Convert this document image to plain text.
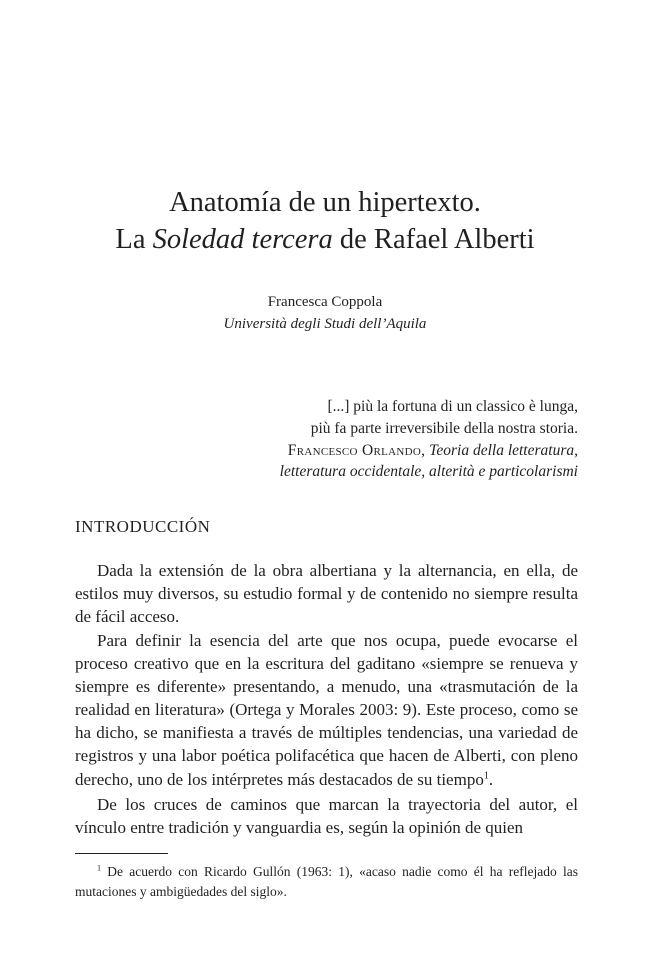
Anatomía de un hipertexto.
La Soledad tercera de Rafael Alberti
Francesca Coppola
Università degli Studi dell’Aquila
[...] più la fortuna di un classico è lunga,
più fa parte irreversibile della nostra storia.
Francesco Orlando, Teoria della letteratura,
letteratura occidentale, alterità e particolarismi
INTRODUCCIÓN

Dada la extensión de la obra albertiana y la alternancia, en ella, de estilos muy diversos, su estudio formal y de contenido no siempre resulta de fácil acceso.

Para definir la esencia del arte que nos ocupa, puede evocarse el proceso creativo que en la escritura del gaditano «siempre se renueva y siempre es diferente» presentando, a menudo, una «trasmutación de la realidad en literatura» (Ortega y Morales 2003: 9). Este proceso, como se ha dicho, se manifiesta a través de múltiples tendencias, una variedad de registros y una labor poética polifacética que hacen de Alberti, con pleno derecho, uno de los intérpretes más destacados de su tiempo$^1$.

De los cruces de caminos que marcan la trayectoria del autor, el vínculo entre tradición y vanguardia es, según la opinión de quien

$^1$ De acuerdo con Ricardo Gullón (1963: 1), «acaso nadie como él ha reflejado las mutaciones y ambigüedades del siglo».
